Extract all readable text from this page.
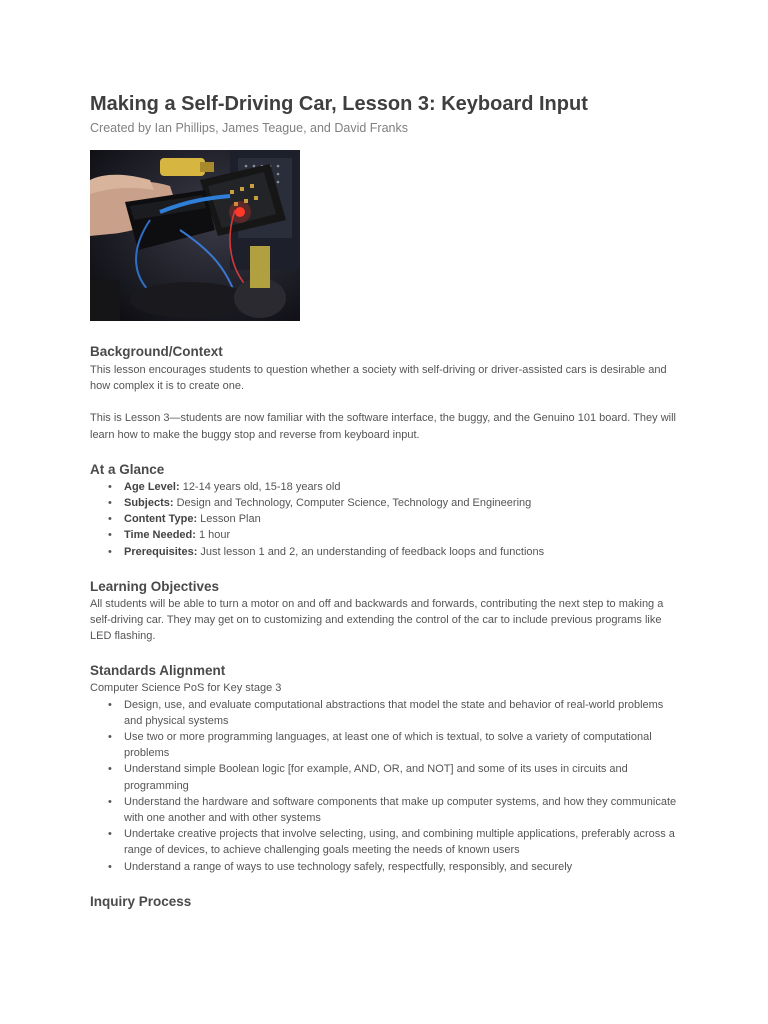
Making a Self-Driving Car, Lesson 3: Keyboard Input
Created by Ian Phillips, James Teague, and David Franks
Background/Context

This lesson encourages students to question whether a society with self-driving or driver-assisted cars is desirable and how complex it is to create one.

This is Lesson 3—students are now familiar with the software interface, the buggy, and the Genuino 101 board. They will learn how to make the buggy stop and reverse from keyboard input.

At a Glance
• Age Level: 12-14 years old, 15-18 years old
• Subjects: Design and Technology, Computer Science, Technology and Engineering
• Content Type: Lesson Plan
• Time Needed: 1 hour
• Prerequisites: Just lesson 1 and 2, an understanding of feedback loops and functions
Learning Objectives

All students will be able to turn a motor on and off and backwards and forwards, contributing the next step to making a self-driving car. They may get on to customizing and extending the control of the car to include previous programs like LED flashing.

Standards Alignment

Computer Science PoS for Key stage 3

• Design, use, and evaluate computational abstractions that model the state and behavior of real-world problems and physical systems
• Use two or more programming languages, at least one of which is textual, to solve a variety of computational problems
• Understand simple Boolean logic [for example, AND, OR, and NOT] and some of its uses in circuits and programming
• Understand the hardware and software components that make up computer systems, and how they communicate with one another and with other systems
• Undertake creative projects that involve selecting, using, and combining multiple applications, preferably across a range of devices, to achieve challenging goals meeting the needs of known users
• Understand a range of ways to use technology safely, respectfully, responsibly, and securely
Inquiry Process
